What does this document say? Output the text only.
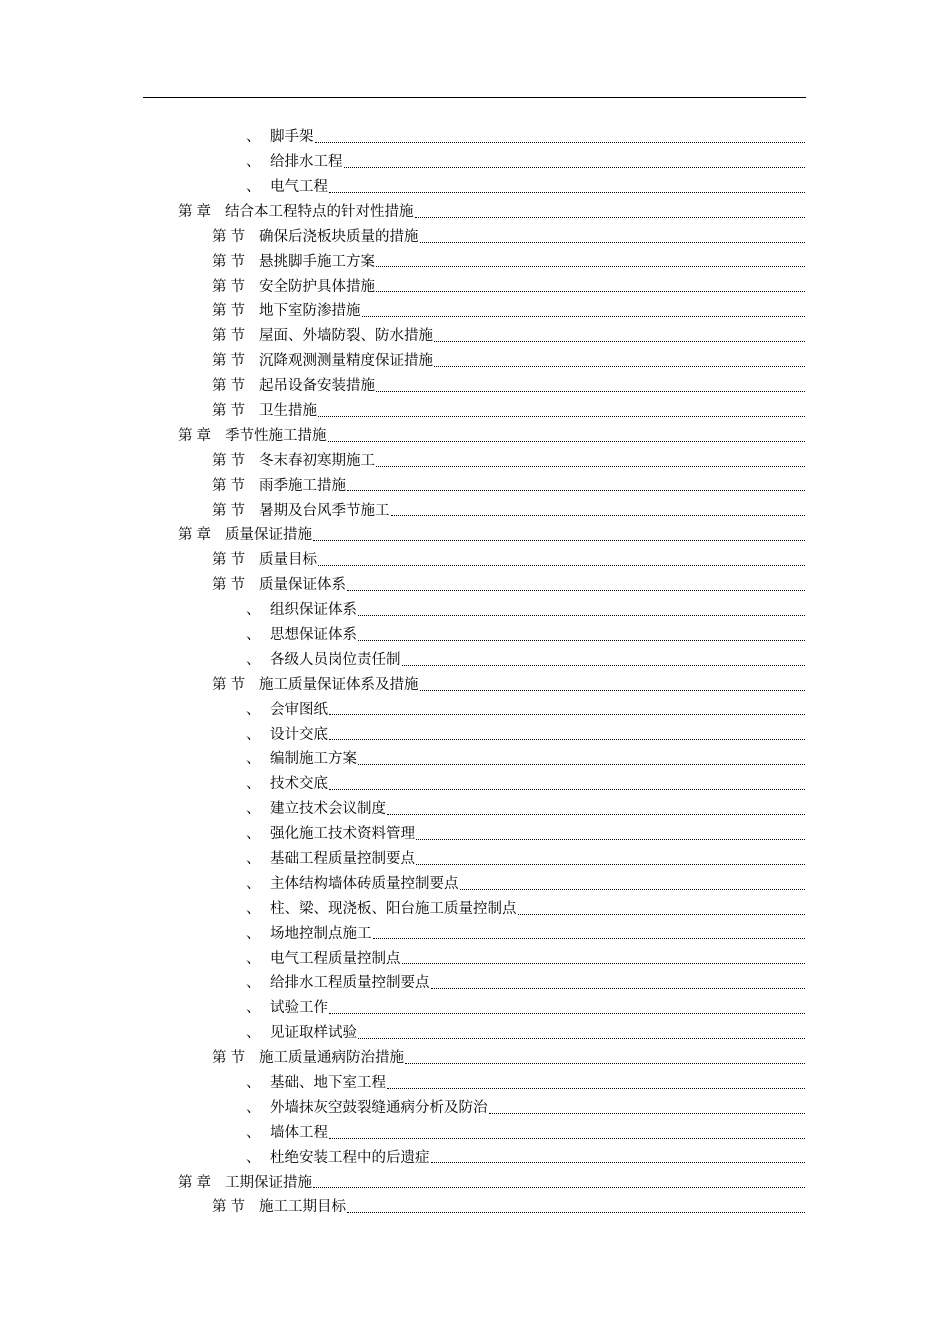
、 脚手架
、 给排水工程
、 电气工程
第章 结合本工程特点的针对性措施
第节 确保后浇板块质量的措施
第节 悬挑脚手施工方案
第节 安全防护具体措施
第节 地下室防渗措施
第节 屋面、外墙防裂、防水措施
第节 沉降观测测量精度保证措施
第节 起吊设备安装措施
第节 卫生措施
第章 季节性施工措施
第节 冬末春初寒期施工
第节 雨季施工措施
第节 暑期及台风季节施工
第章 质量保证措施
第节 质量目标
第节 质量保证体系
、 组织保证体系
、 思想保证体系
、 各级人员岗位责任制
第节 施工质量保证体系及措施
、 会审图纸
、 设计交底
、 编制施工方案
、 技术交底
、 建立技术会议制度
、 强化施工技术资料管理
、 基础工程质量控制要点
、 主体结构墙体砖质量控制要点
、 柱、梁、现浇板、阳台施工质量控制点
、 场地控制点施工
、 电气工程质量控制点
、 给排水工程质量控制要点
、 试验工作
、 见证取样试验
第节 施工质量通病防治措施
、 基础、地下室工程
、 外墙抹灰空鼓裂缝通病分析及防治
、 墙体工程
、 杜绝安装工程中的后遗症
第章 工期保证措施
第节 施工工期目标
